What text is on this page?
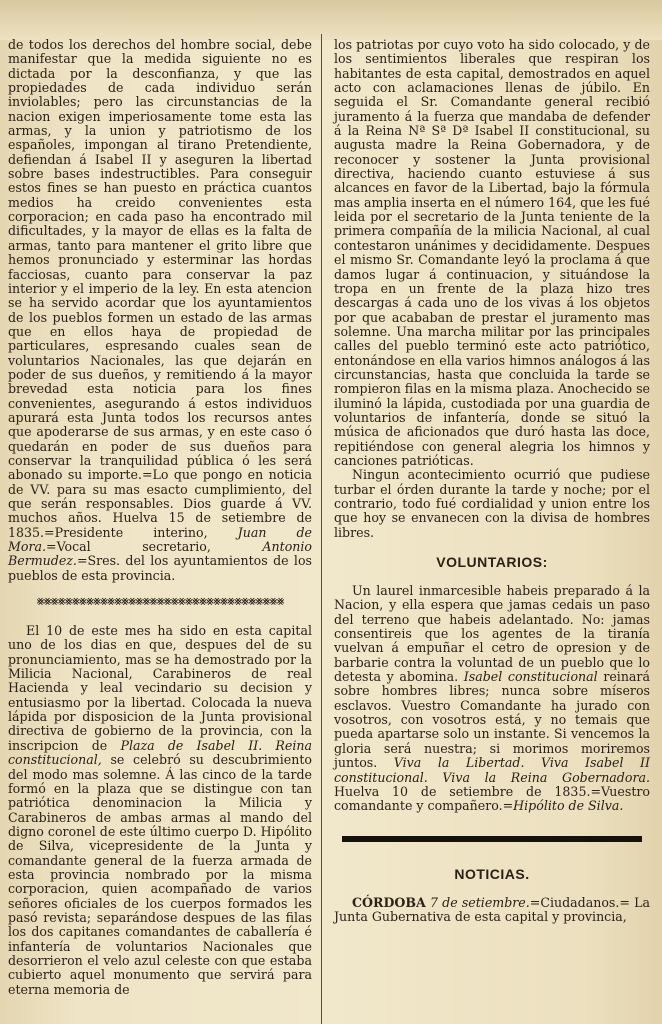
de todos los derechos del hombre social, debe manifestar que la medida siguiente no es dictada por la desconfianza, y que las propiedades de cada individuo serán inviolables; pero las circunstancias de la nacion exigen imperiosamente tome esta las armas, y la union y patriotismo de los españoles, impongan al tirano Pretendiente, defiendan á Isabel II y aseguren la libertad sobre bases indestructibles. Para conseguir estos fines se han puesto en práctica cuantos medios ha creido convenientes esta corporacion; en cada paso ha encontrado mil dificultades, y la mayor de ellas es la falta de armas, tanto para mantener el grito libre que hemos pronunciado y esterminar las hordas facciosas, cuanto para conservar la paz interior y el imperio de la ley. En esta atencion se ha servido acordar que los ayuntamientos de los pueblos formen un estado de las armas que en ellos haya de propiedad de particulares, espresando cuales sean de voluntarios Nacionales, las que dejarán en poder de sus dueños, y remitiendo á la mayor brevedad esta noticia para los fines convenientes, asegurando á estos individuos apurará esta Junta todos los recursos antes que apoderarse de sus armas, y en este caso ó quedarán en poder de sus dueños para conservar la tranquilidad pública ó les será abonado su importe.=Lo que pongo en noticia de VV. para su mas esacto cumplimiento, del que serán responsables. Dios guarde á VV. muchos años. Huelva 15 de setiembre de 1835.=Presidente interino, Juan de Mora.=Vocal secretario,	Antonio Bermudez.=Sres. del los ayuntamientos de los pueblos de esta provincia.

⨳⨳⨳⨳⨳⨳⨳⨳⨳⨳⨳⨳⨳⨳⨳⨳⨳⨳⨳⨳⨳⨳⨳⨳⨳⨳⨳⨳⨳⨳⨳⨳⨳⨳⨳

El 10 de este mes ha sido en esta capital uno de los dias en que, despues del de su pronunciamiento, mas se ha demostrado por la Milicia Nacional, Carabineros de real Hacienda y leal vecindario su decision y entusiasmo por la libertad. Colocada la nueva lápida por disposicion de la Junta provisional directiva de gobierno de la provincia, con la inscripcion de Plaza de Isabel II. Reina constitucional, se celebró su descubrimiento del modo mas solemne. Á las cinco de la tarde formó en la plaza que se distingue con tan patriótica denominacion la Milicia y Carabineros de ambas armas al mando del digno coronel de este último cuerpo D. Hipólito de Silva, vicepresidente de la Junta y comandante general de la fuerza armada de esta provincia nombrado por la misma corporacion, quien acompañado de varios señores oficiales de los cuerpos formados les pasó revista; separándose despues de las filas los dos capitanes comandantes de caballería é infantería de voluntarios Nacionales que desorrieron el velo azul celeste con que estaba cubierto aquel monumento que servirá para eterna memoria de

los patriotas por cuyo voto ha sido colocado, y de los sentimientos liberales que respiran los habitantes de esta capital, demostrados en aquel acto con aclamaciones llenas de júbilo. En seguida el Sr. Comandante general recibió juramento á la fuerza que mandaba de defender á la Reina Nª Sª Dª Isabel II constitucional, su augusta madre la Reina Gobernadora, y de reconocer y sostener la Junta provisional directiva, haciendo cuanto estuviese á sus alcances en favor de la Libertad, bajo la fórmula mas amplia inserta en el número 164, que les fué leida por el secretario de la Junta teniente de la primera compañía de la milicia Nacional, al cual contestaron unánimes y decididamente. Despues el mismo Sr. Comandante leyó la proclama á que damos lugar á continuacion, y situándose la tropa en un frente de la plaza hizo tres descargas á cada uno de los vivas á los objetos por que acababan de prestar el juramento mas solemne. Una marcha militar por las principales calles del pueblo terminó este acto patriótico, entonándose en ella varios himnos análogos á las circunstancias, hasta que concluida la tarde se rompieron filas en la misma plaza. Anochecido se iluminó la lápida, custodiada por una guardia de voluntarios de infantería, donde se situó la música de aficionados que duró hasta las doce, repitiéndose con general alegria los himnos y canciones patrióticas.

Ningun acontecimiento ocurrió que pudiese turbar el órden durante la tarde y noche; por el contrario, todo fué cordialidad y union entre los que hoy se envanecen con la divisa de hombres libres.

VOLUNTARIOS:

Un laurel inmarcesible habeis preparado á la Nacion, y ella espera que jamas cedais un paso del terreno que habeis adelantado. No: jamas consentireis que los agentes de la tiranía vuelvan á empuñar el cetro de opresion y de barbarie contra la voluntad de un pueblo que lo detesta y abomina. Isabel constitucional reinará sobre hombres libres; nunca sobre míseros esclavos. Vuestro Comandante ha jurado con vosotros, con vosotros está, y no temais que pueda apartarse solo un instante. Si vencemos la gloria será nuestra; si morimos moriremos juntos. Viva la Libertad. Viva Isabel II constitucional. Viva la Reina Gobernadora. Huelva 10 de setiembre de 1835.=Vuestro comandante y compañero.=Hipólito de Silva.

NOTICIAS.

CÓRDOBA 7 de setiembre.=Ciudadanos.= La Junta Gubernativa de esta capital y provincia,
